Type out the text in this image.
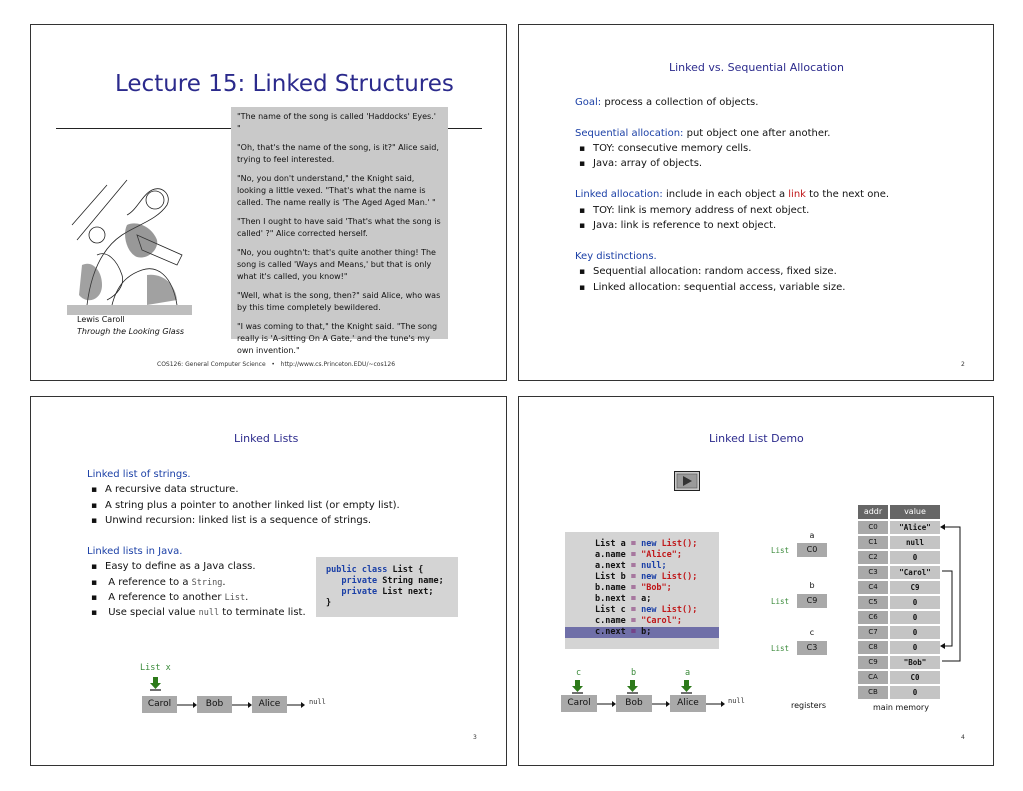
Lecture 15: Linked Structures
Lewis Caroll
Through the Looking Glass

"The name of the song is called 'Haddocks' Eyes.' "

"Oh, that's the name of the song, is it?" Alice said, trying to feel interested.

"No, you don't understand," the Knight said, looking a little vexed. "That's what the name is called. The name really is 'The Aged Aged Man.' "

"Then I ought to have said 'That's what the song is called' ?" Alice corrected herself.

"No, you oughtn't: that's quite another thing! The song is called 'Ways and Means,' but that is only what it's called, you know!"

"Well, what is the song, then?" said Alice, who was by this time completely bewildered.

"I was coming to that," the Knight said. "The song really is 'A-sitting On A Gate,' and the tune's my own invention."

COS126: General Computer Science • http://www.cs.Princeton.EDU/~cos126
Linked vs. Sequential Allocation
Goal: process a collection of objects.
Sequential allocation: put object one after another.
▪ TOY: consecutive memory cells.
▪ Java: array of objects.
Linked allocation: include in each object a link to the next one.
▪ TOY: link is memory address of next object.
▪ Java: link is reference to next object.
Key distinctions.
▪ Sequential allocation: random access, fixed size.
▪ Linked allocation: sequential access, variable size.
2
Linked Lists
Linked list of strings.
▪ A recursive data structure.
▪ A string plus a pointer to another linked list (or empty list).
▪ Unwind recursion: linked list is a sequence of strings.
Linked lists in Java.
▪ Easy to define as a Java class.
▪ A reference to a String.
▪ A reference to another List.
▪ Use special value null to terminate list.
public class List {
private String name;
private List next;
}
List x
Carol	Bob	Alice	null
3
Linked List Demo
List a = new List();
a.name = "Alice";
a.next = null;
List b = new List();
b.name = "Bob";
b.next = a;
List c = new List();
c.name = "Carol";
c.next = b;
a
List	C0
b
List	C9
c
List	C3
registers
addr	value
C0	"Alice"
C1	null
C2	0
C3	"Carol"
C4	C9
C5	0
C6	0
C7	0
C8	0
C9	"Bob"
CA	C0
CB	0
main memory
c	b	a
Carol	Bob	Alice	null
4
